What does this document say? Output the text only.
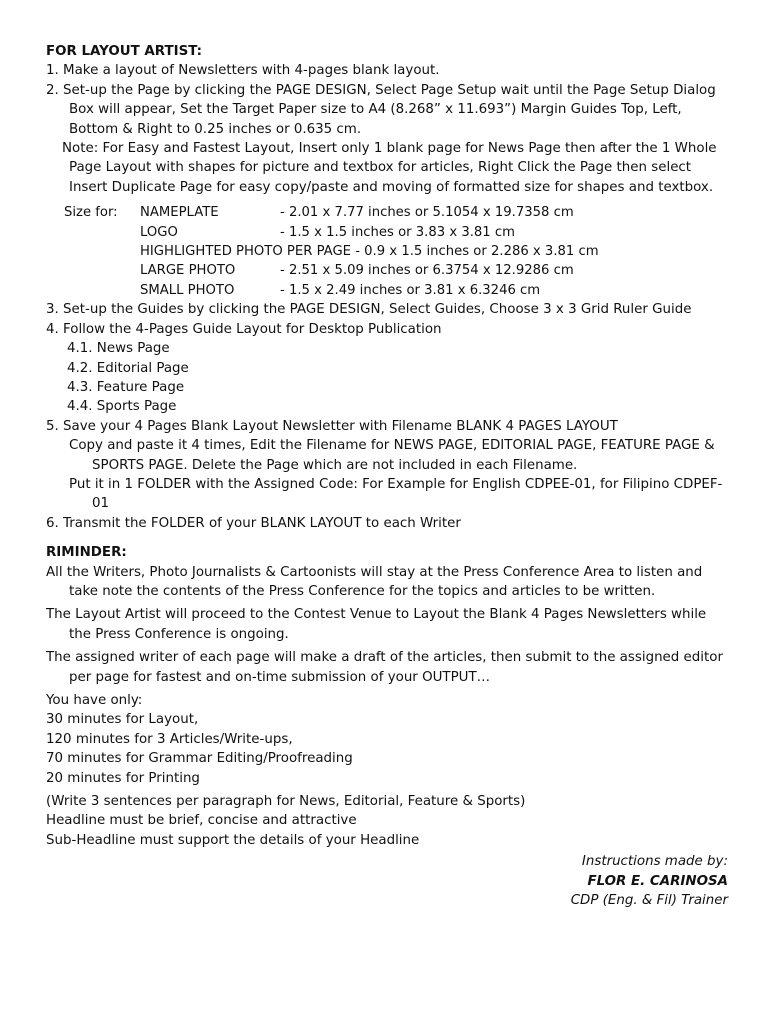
FOR LAYOUT ARTIST:

1. Make a layout of Newsletters with 4-pages blank layout.

2. Set-up the Page by clicking the PAGE DESIGN, Select Page Setup wait until the Page Setup Dialog Box will appear, Set the Target Paper size to A4 (8.268” x 11.693”) Margin Guides Top, Left, Bottom & Right to 0.25 inches or 0.635 cm.

Note: For Easy and Fastest Layout, Insert only 1 blank page for News Page then after the 1 Whole Page Layout with shapes for picture and textbox for articles, Right Click the Page then select Insert Duplicate Page for easy copy/paste and moving of formatted size for shapes and textbox.

Size for:	NAMEPLATE	- 2.01 x 7.77 inches or 5.1054 x 19.7358 cm
	LOGO	- 1.5 x 1.5 inches or 3.83 x 3.81 cm
	HIGHLIGHTED PHOTO PER PAGE - 0.9 x 1.5 inches or 2.286 x 3.81 cm	
	LARGE PHOTO	- 2.51 x 5.09 inches or 6.3754 x 12.9286 cm
	SMALL PHOTO	- 1.5 x 2.49 inches or 3.81 x 6.3246 cm

3. Set-up the Guides by clicking the PAGE DESIGN, Select Guides, Choose 3 x 3 Grid Ruler Guide

4. Follow the 4-Pages Guide Layout for Desktop Publication

4.1. News Page

4.2. Editorial Page

4.3. Feature Page

4.4. Sports Page

5. Save your 4 Pages Blank Layout Newsletter with Filename BLANK 4 PAGES LAYOUT

Copy and paste it 4 times, Edit the Filename for NEWS PAGE, EDITORIAL PAGE, FEATURE PAGE & SPORTS PAGE. Delete the Page which are not included in each Filename.

Put it in 1 FOLDER with the Assigned Code: For Example for English CDPEE-01, for Filipino CDPEF-01

6. Transmit the FOLDER of your BLANK LAYOUT to each Writer

RIMINDER:

All the Writers, Photo Journalists & Cartoonists will stay at the Press Conference Area to listen and take note the contents of the Press Conference for the topics and articles to be written.

The Layout Artist will proceed to the Contest Venue to Layout the Blank 4 Pages Newsletters while the Press Conference is ongoing.

The assigned writer of each page will make a draft of the articles, then submit to the assigned editor per page for fastest and on-time submission of your OUTPUT…

You have only:

30 minutes for Layout,

120 minutes for 3 Articles/Write-ups,

70 minutes for Grammar Editing/Proofreading

20 minutes for Printing

(Write 3 sentences per paragraph for News, Editorial, Feature & Sports)

Headline must be brief, concise and attractive

Sub-Headline must support the details of your Headline

Instructions made by:

FLOR E. CARINOSA

CDP (Eng. & Fil) Trainer
